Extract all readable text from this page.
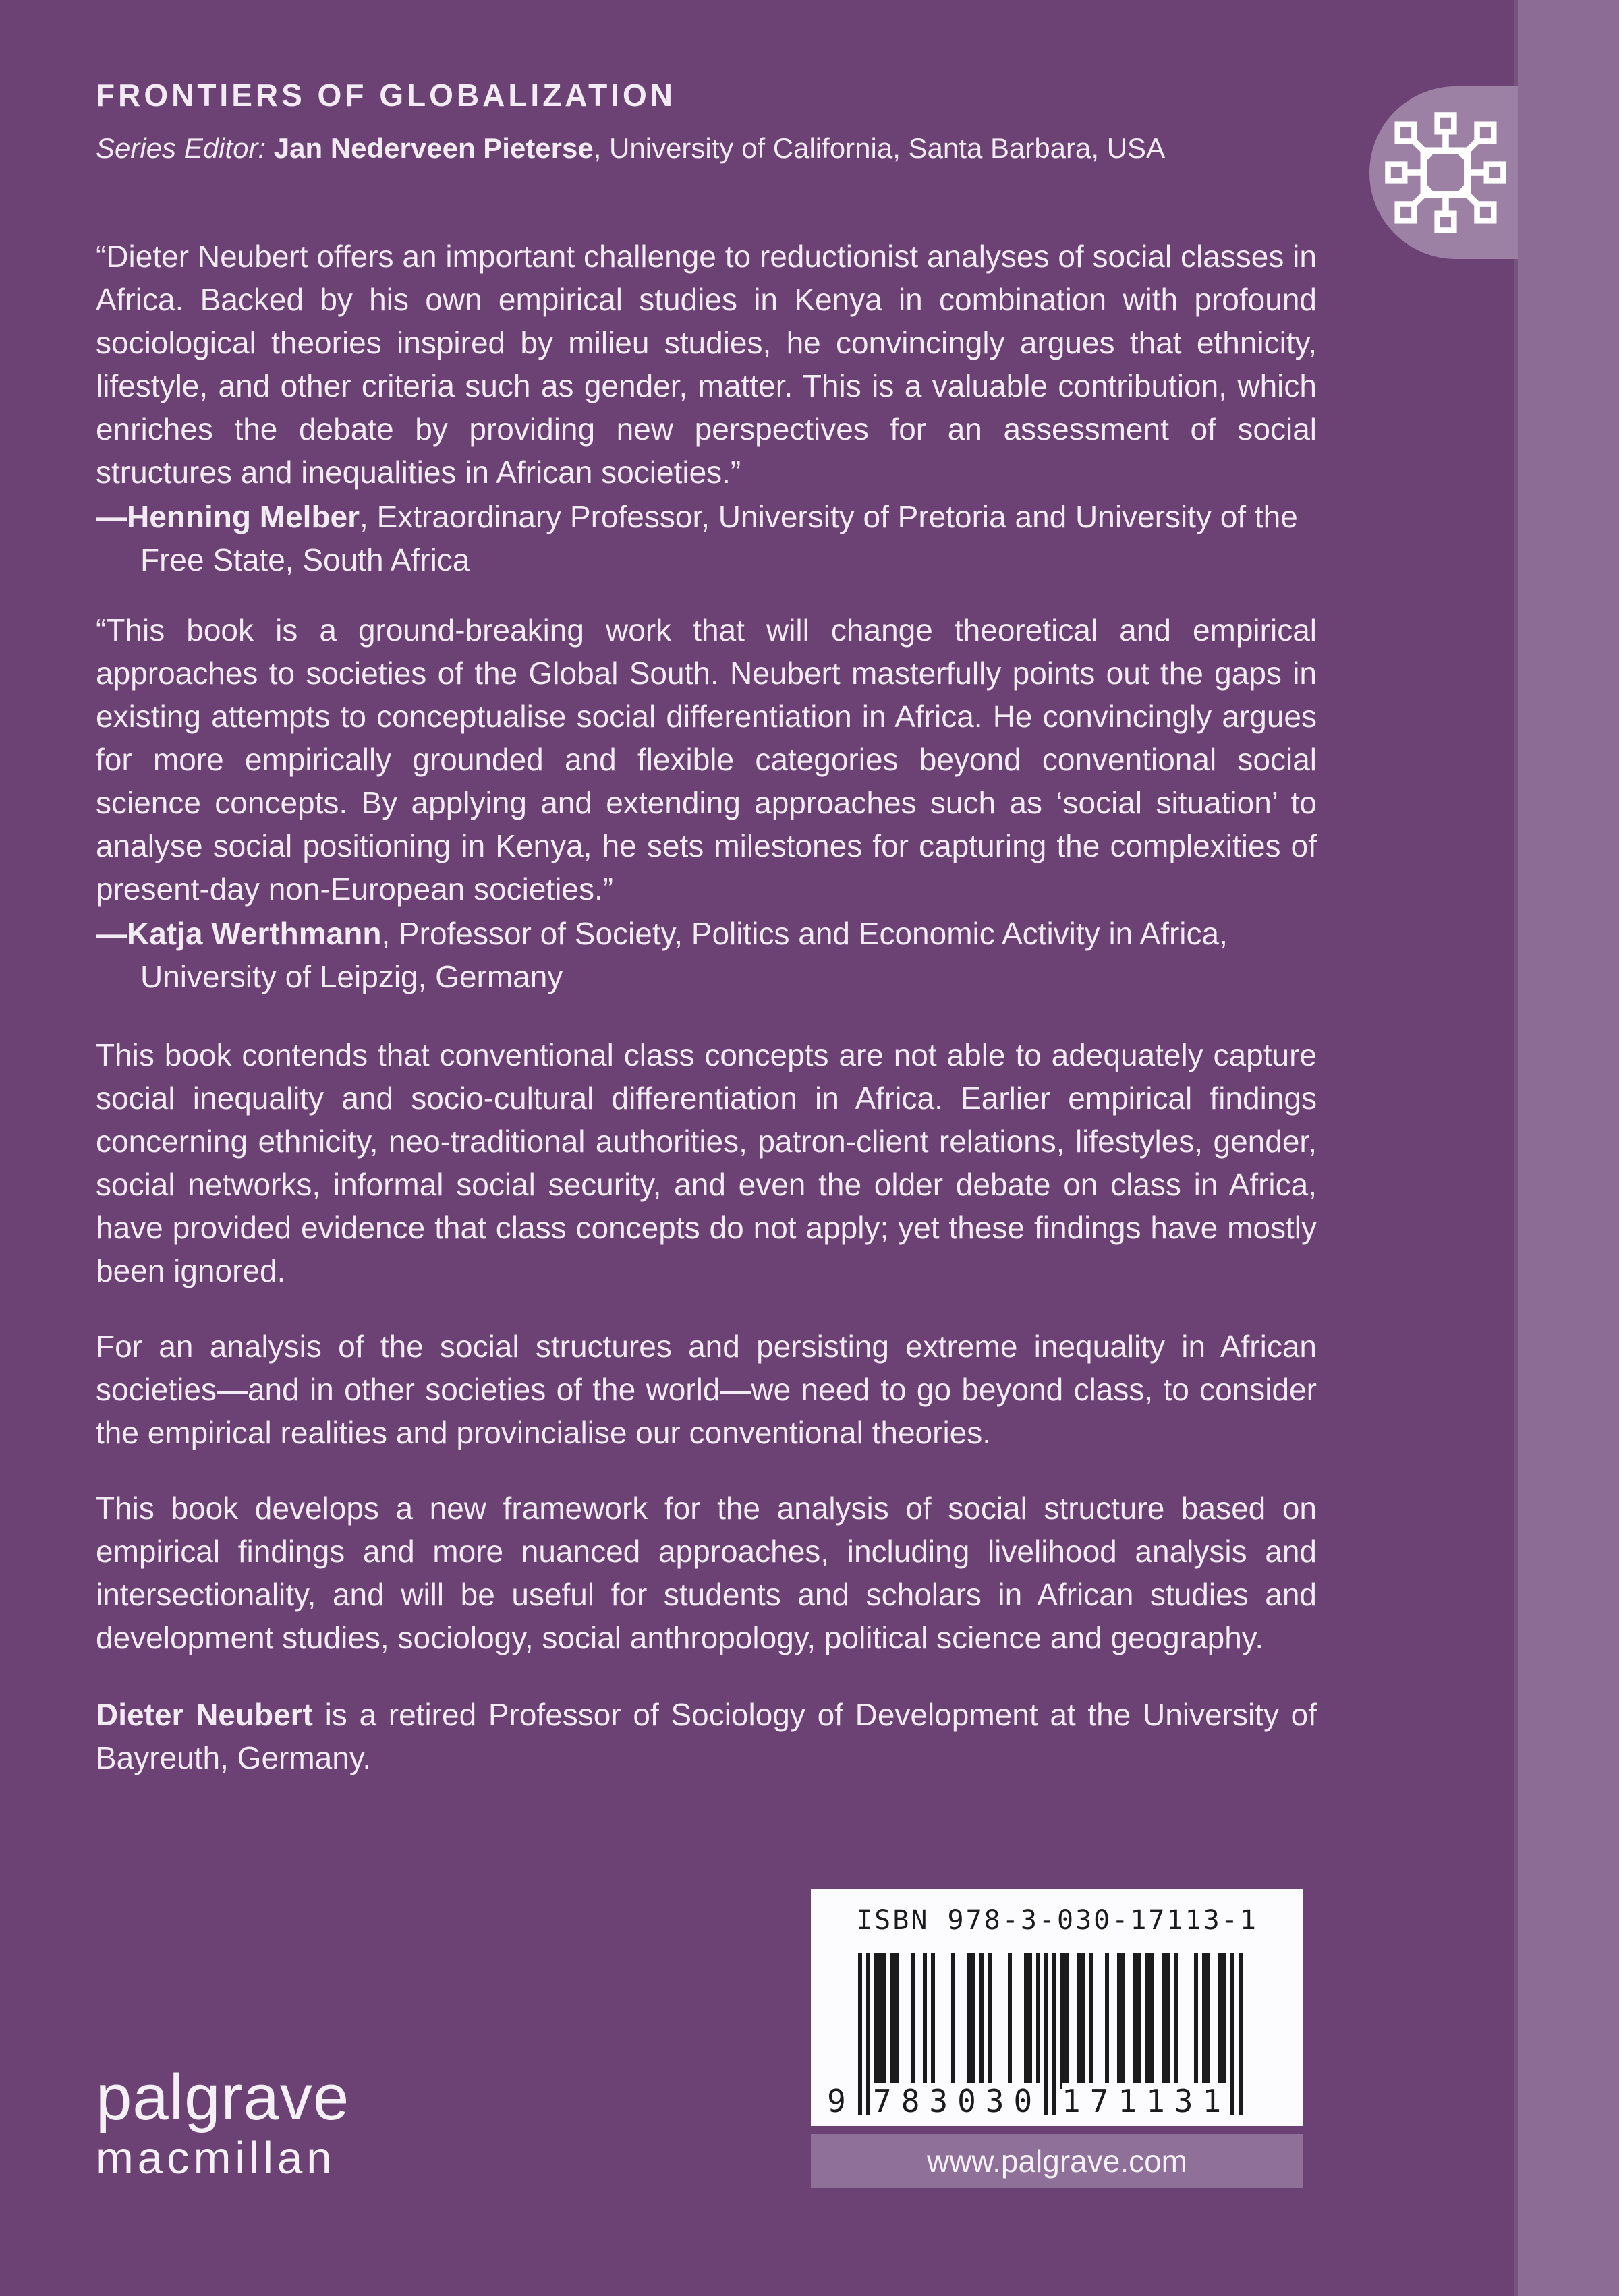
FRONTIERS OF GLOBALIZATION
Series Editor: Jan Nederveen Pieterse, University of California, Santa Barbara, USA
“Dieter Neubert offers an important challenge to reductionist analyses of social classes in Africa. Backed by his own empirical studies in Kenya in combination with profound sociological theories inspired by milieu studies, he convincingly argues that ethnicity, lifestyle, and other criteria such as gender, matter. This is a valuable contribution, which enriches the debate by providing new perspectives for an assessment of social structures and inequalities in African societies.”
—Henning Melber, Extraordinary Professor, University of Pretoria and University of the Free State, South Africa
“This book is a ground-breaking work that will change theoretical and empirical approaches to societies of the Global South. Neubert masterfully points out the gaps in existing attempts to conceptualise social differentiation in Africa. He convincingly argues for more empirically grounded and flexible categories beyond conventional social science concepts. By applying and extending approaches such as ‘social situation’ to analyse social positioning in Kenya, he sets milestones for capturing the complexities of present-day non-European societies.”
—Katja Werthmann, Professor of Society, Politics and Economic Activity in Africa, University of Leipzig, Germany

This book contends that conventional class concepts are not able to adequately capture social inequality and socio-cultural differentiation in Africa. Earlier empirical findings concerning ethnicity, neo-traditional authorities, patron-client relations, lifestyles, gender, social networks, informal social security, and even the older debate on class in Africa, have provided evidence that class concepts do not apply; yet these findings have mostly been ignored.

For an analysis of the social structures and persisting extreme inequality in African societies—and in other societies of the world—we need to go beyond class, to consider the empirical realities and provincialise our conventional theories.

This book develops a new framework for the analysis of social structure based on empirical findings and more nuanced approaches, including livelihood analysis and intersectionality, and will be useful for students and scholars in African studies and development studies, sociology, social anthropology, political science and geography.

Dieter Neubert is a retired Professor of Sociology of Development at the University of Bayreuth, Germany.
ISBN 978-3-030-17113-1
9 783030 171131
www.palgrave.com
palgrave
macmillan
